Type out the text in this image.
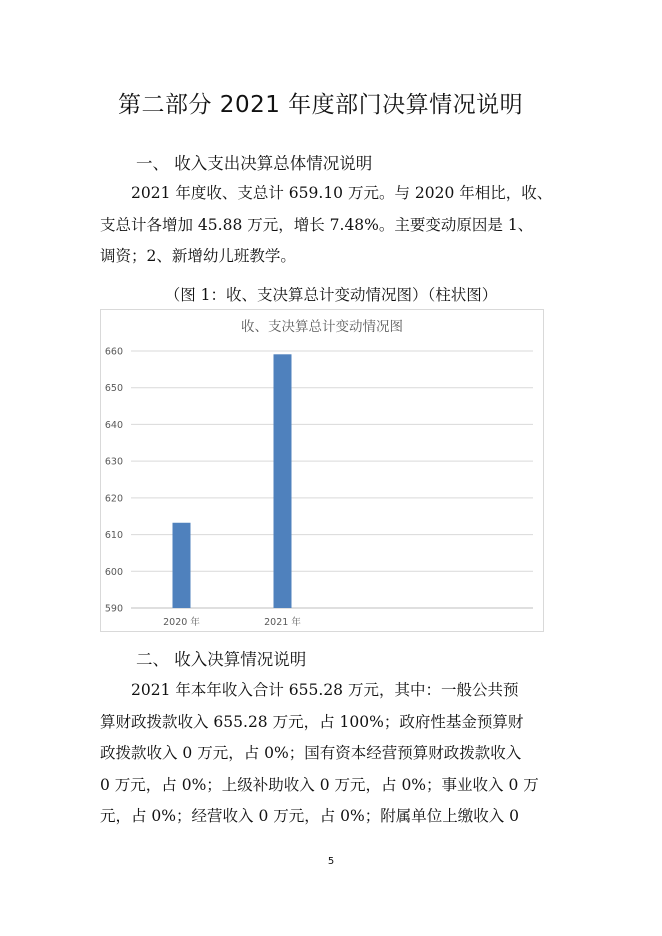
第二部分 2021 年度部门决算情况说明
一、 收入支出决算总体情况说明
2021 年度收、支总计 659.10 万元。与 2020 年相比，收、
支总计各增加 45.88 万元，增长 7.48%。主要变动原因是 1、
调资；2、新增幼儿班教学。
（图 1：收、支决算总计变动情况图）（柱状图）
收、支决算总计变动情况图
590
600
610
620
630
640
650
660
2020 年	2021 年
二、 收入决算情况说明
2021 年本年收入合计 655.28 万元，其中：一般公共预
算财政拨款收入 655.28 万元，占 100%；政府性基金预算财
政拨款收入 0 万元，占 0%；国有资本经营预算财政拨款收入
0 万元，占 0%；上级补助收入 0 万元，占 0%；事业收入 0 万
元，占 0%；经营收入 0 万元，占 0%；附属单位上缴收入 0
5
